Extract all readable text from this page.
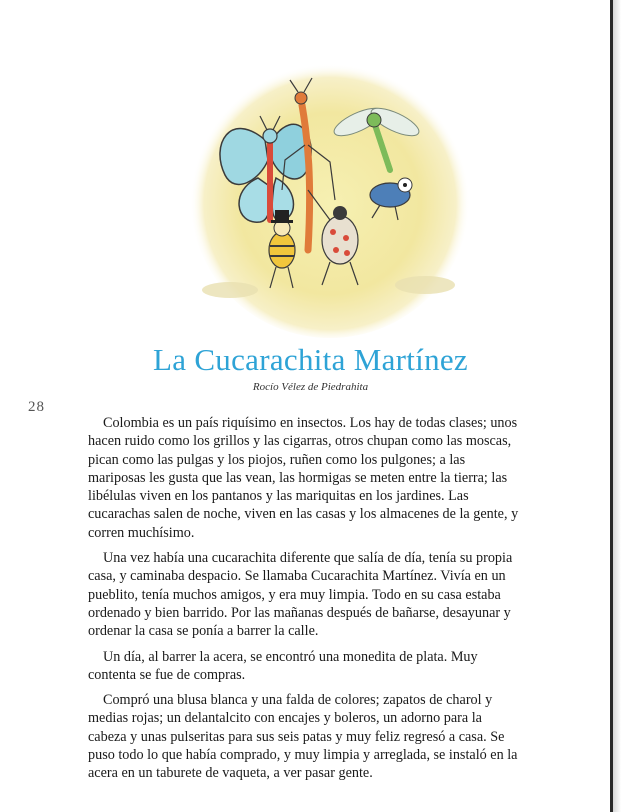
La Cucarachita Martínez
Rocío Vélez de Piedrahita
28

Colombia es un país riquísimo en insectos. Los hay de todas clases; unos hacen ruido como los grillos y las cigarras, otros chupan como las moscas, pican como las pulgas y los piojos, ruñen como los pulgones; a las mariposas les gusta que las vean, las hormigas se meten entre la tierra; las libélulas viven en los pantanos y las mariquitas en los jardines. Las cucarachas salen de noche, viven en las casas y los almacenes de la gente, y corren muchísimo.

Una vez había una cucarachita diferente que salía de día, tenía su propia casa, y caminaba despacio. Se llamaba Cucarachita Martínez. Vivía en un pueblito, tenía muchos amigos, y era muy limpia. Todo en su casa estaba ordenado y bien barrido. Por las mañanas después de bañarse, desayunar y ordenar la casa se ponía a barrer la calle.

Un día, al barrer la acera, se encontró una monedita de plata. Muy contenta se fue de compras.

Compró una blusa blanca y una falda de colores; zapatos de charol y medias rojas; un delantalcito con encajes y boleros, un adorno para la cabeza y unas pulseritas para sus seis patas y muy feliz regresó a casa. Se puso todo lo que había comprado, y muy limpia y arreglada, se instaló en la acera en un taburete de vaqueta, a ver pasar gente.
